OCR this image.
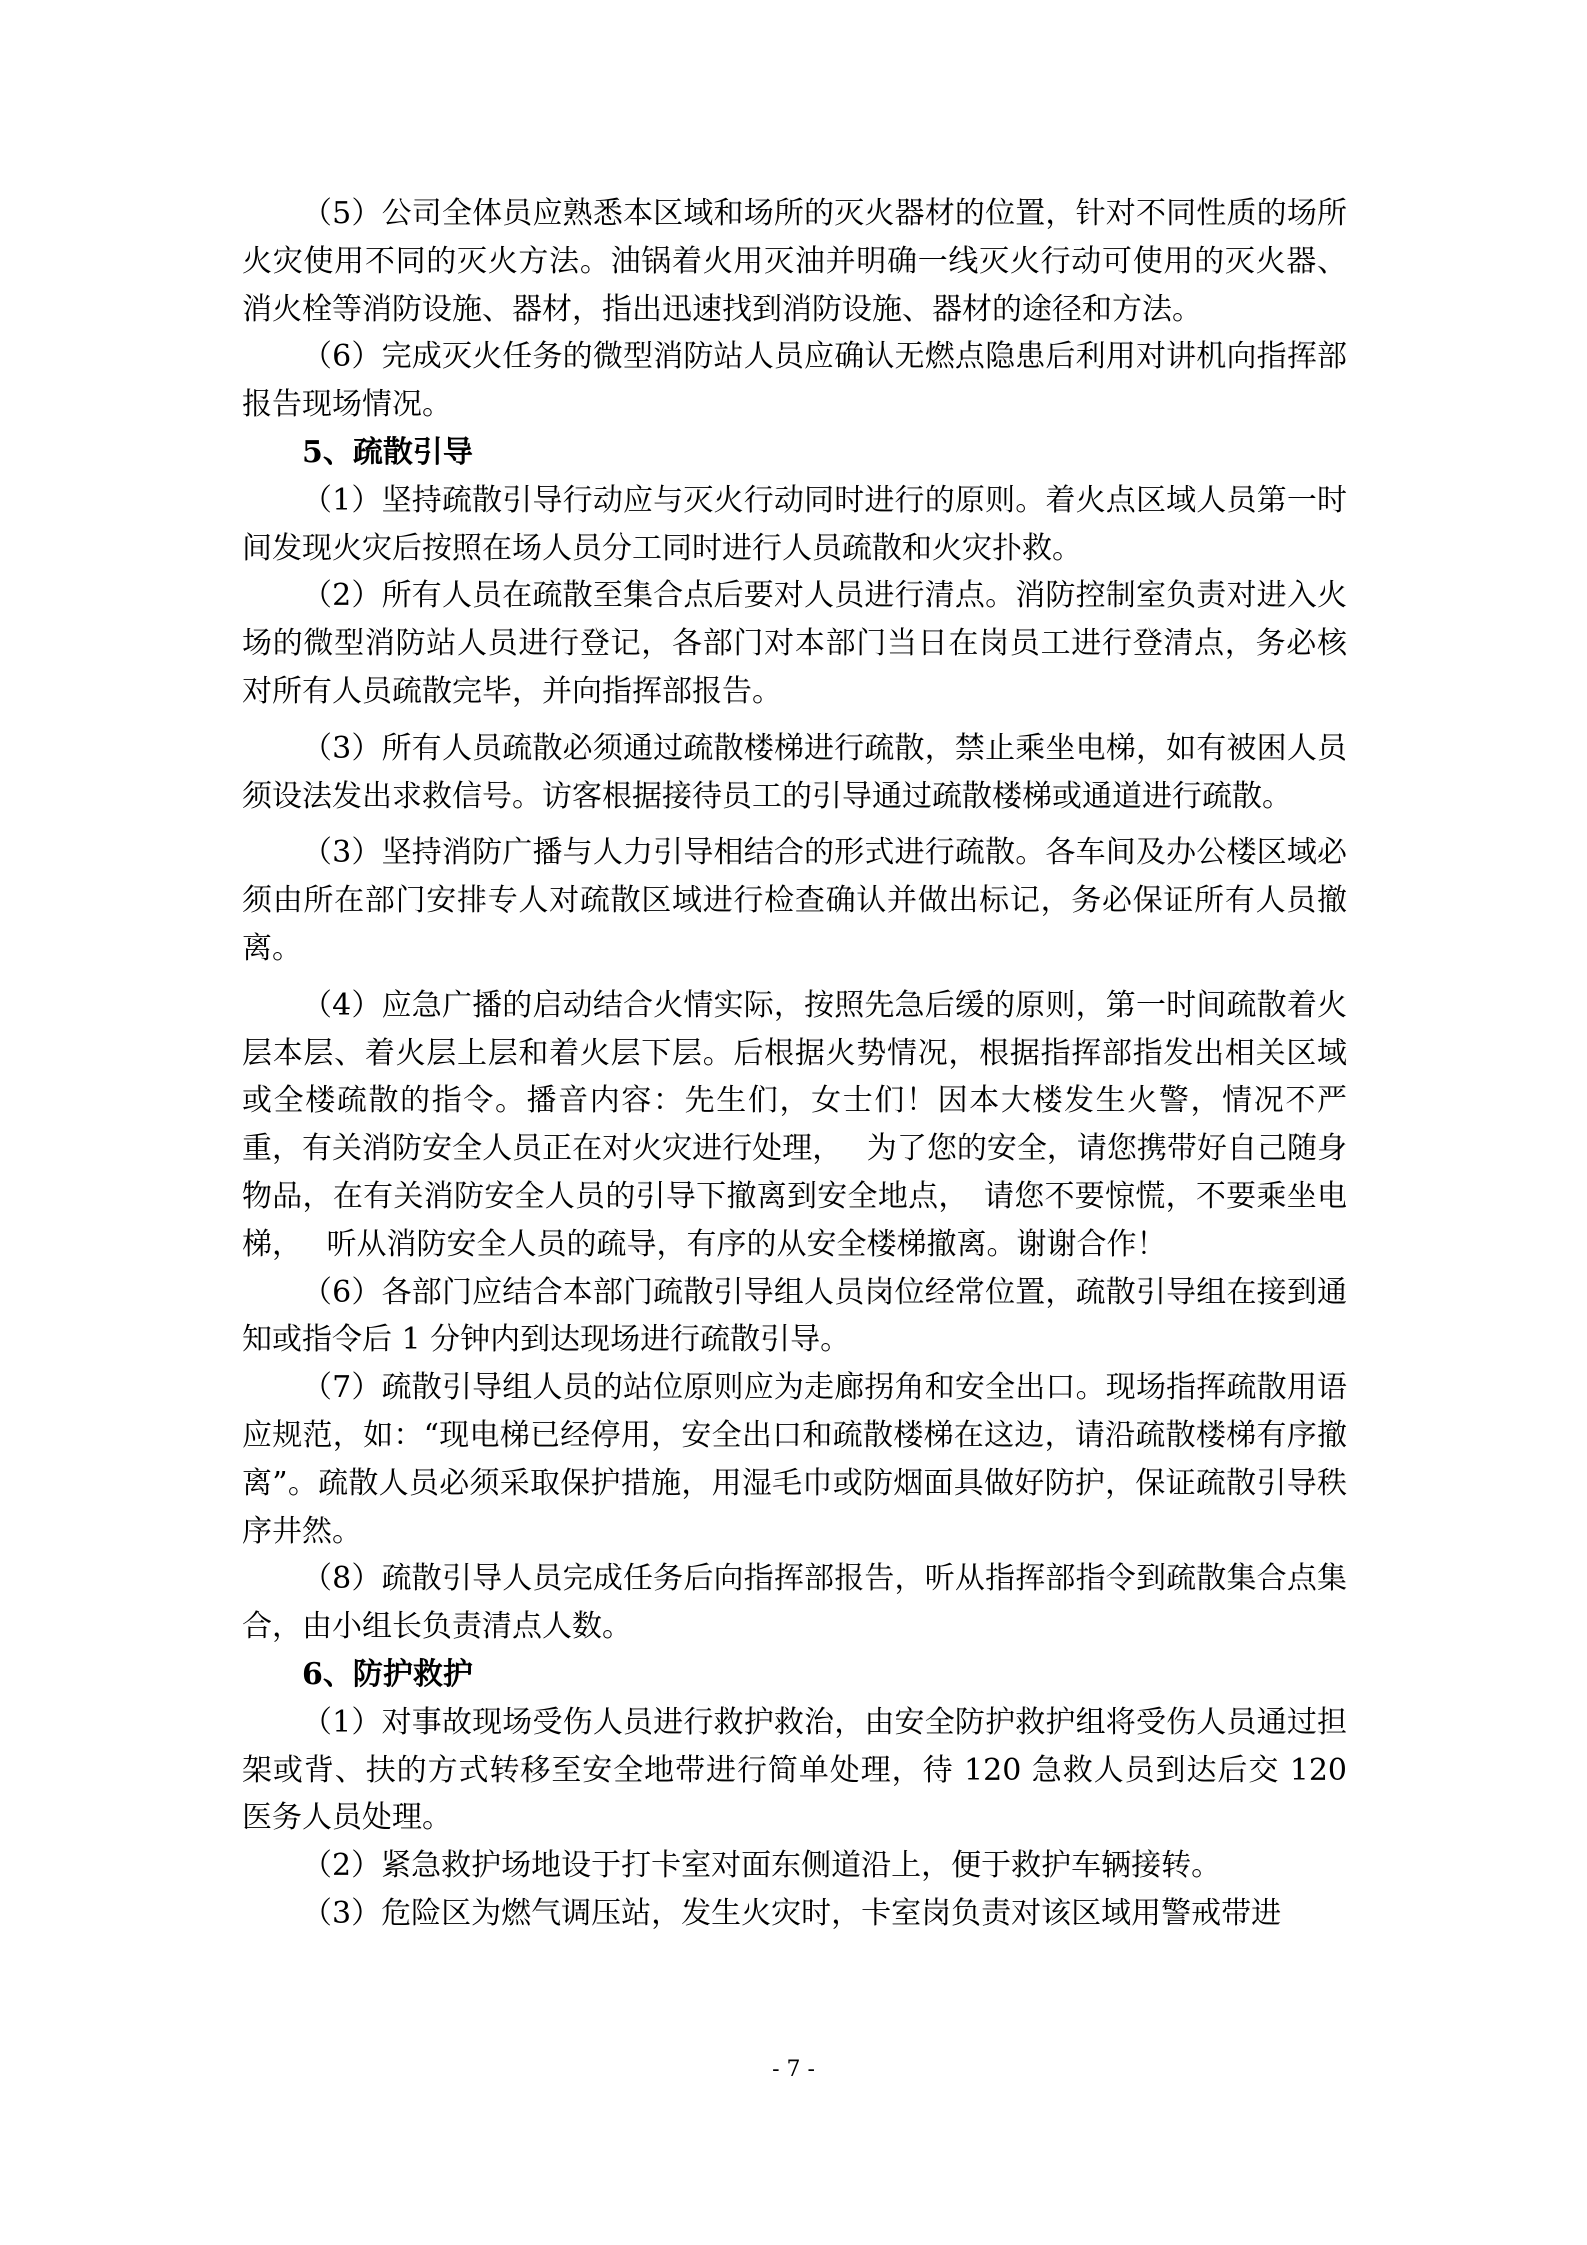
（5）公司全体员应熟悉本区域和场所的灭火器材的位置，针对不同性质的场所火灾使用不同的灭火方法。油锅着火用灭油并明确一线灭火行动可使用的灭火器、消火栓等消防设施、器材，指出迅速找到消防设施、器材的途径和方法。

（6）完成灭火任务的微型消防站人员应确认无燃点隐患后利用对讲机向指挥部报告现场情况。

5、疏散引导

（1）坚持疏散引导行动应与灭火行动同时进行的原则。着火点区域人员第一时间发现火灾后按照在场人员分工同时进行人员疏散和火灾扑救。

（2）所有人员在疏散至集合点后要对人员进行清点。消防控制室负责对进入火场的微型消防站人员进行登记，各部门对本部门当日在岗员工进行登清点，务必核对所有人员疏散完毕，并向指挥部报告。

（3）所有人员疏散必须通过疏散楼梯进行疏散，禁止乘坐电梯，如有被困人员须设法发出求救信号。访客根据接待员工的引导通过疏散楼梯或通道进行疏散。

（3）坚持消防广播与人力引导相结合的形式进行疏散。各车间及办公楼区域必须由所在部门安排专人对疏散区域进行检查确认并做出标记，务必保证所有人员撤离。

（4）应急广播的启动结合火情实际，按照先急后缓的原则，第一时间疏散着火层本层、着火层上层和着火层下层。后根据火势情况，根据指挥部指发出相关区域或全楼疏散的指令。播音内容：先生们，女士们！因本大楼发生火警，情况不严重，有关消防安全人员正在对火灾进行处理，　 为了您的安全，请您携带好自己随身物品，在有关消防安全人员的引导下撤离到安全地点，　请您不要惊慌，不要乘坐电梯，　 听从消防安全人员的疏导，有序的从安全楼梯撤离。谢谢合作！

（6）各部门应结合本部门疏散引导组人员岗位经常位置，疏散引导组在接到通知或指令后 1 分钟内到达现场进行疏散引导。

（7）疏散引导组人员的站位原则应为走廊拐角和安全出口。现场指挥疏散用语应规范，如：“现电梯已经停用，安全出口和疏散楼梯在这边，请沿疏散楼梯有序撤离”。疏散人员必须采取保护措施，用湿毛巾或防烟面具做好防护，保证疏散引导秩序井然。

（8）疏散引导人员完成任务后向指挥部报告，听从指挥部指令到疏散集合点集合，由小组长负责清点人数。

6、防护救护

（1）对事故现场受伤人员进行救护救治，由安全防护救护组将受伤人员通过担架或背、扶的方式转移至安全地带进行简单处理，待 120 急救人员到达后交 120 医务人员处理。

（2）紧急救护场地设于打卡室对面东侧道沿上，便于救护车辆接转。

（3）危险区为燃气调压站，发生火灾时，卡室岗负责对该区域用警戒带进

- 7 -
